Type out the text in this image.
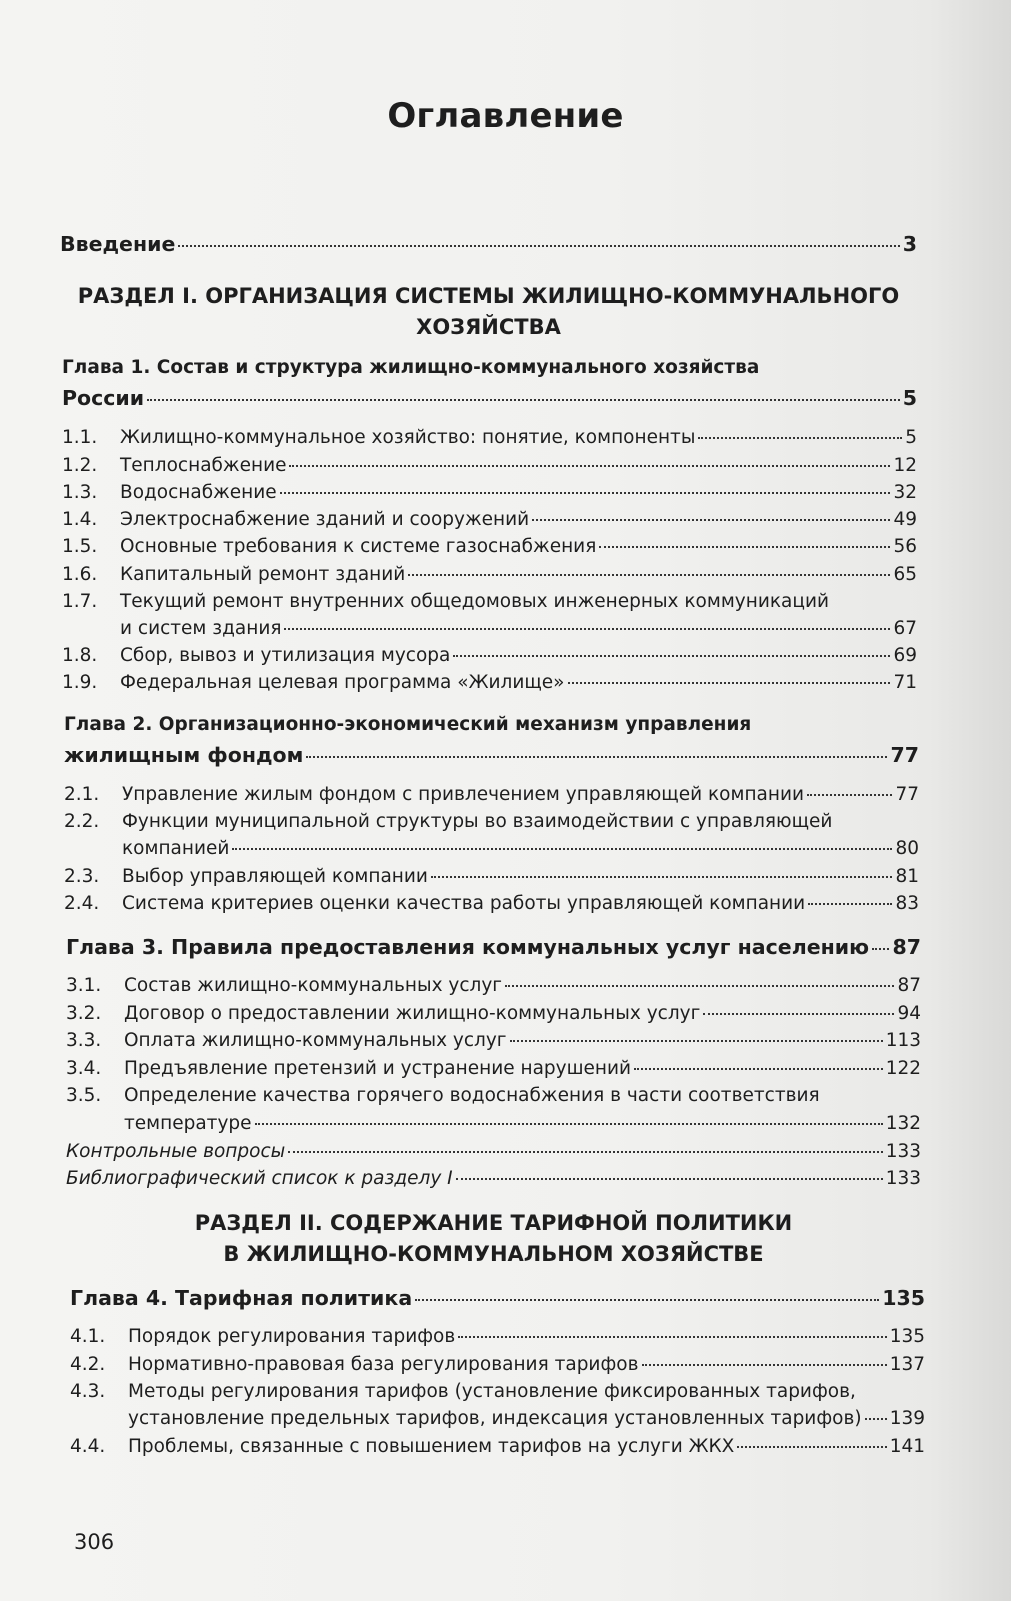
Оглавление
Введение	3
РАЗДЕЛ I. ОРГАНИЗАЦИЯ СИСТЕМЫ ЖИЛИЩНО-КОММУНАЛЬНОГО
ХОЗЯЙСТВА
Глава 1. Состав и структура жилищно-коммунального хозяйства
России	5
1.1.	Жилищно-коммунальное хозяйство: понятие, компоненты	5
1.2.	Теплоснабжение	12
1.3.	Водоснабжение	32
1.4.	Электроснабжение зданий и сооружений	49
1.5.	Основные требования к системе газоснабжения	56
1.6.	Капитальный ремонт зданий	65
1.7. Текущий ремонт внутренних общедомовых инженерных коммуникаций
и систем здания	67
1.8.	Сбор, вывоз и утилизация мусора	69
1.9.	Федеральная целевая программа «Жилище»	71
Глава 2. Организационно-экономический механизм управления
жилищным фондом	77
2.1.	Управление жилым фондом с привлечением управляющей компании	77
2.2. Функции муниципальной структуры во взаимодействии с управляющей
компанией	80
2.3.	Выбор управляющей компании	81
2.4.	Система критериев оценки качества работы управляющей компании	83
Глава 3. Правила предоставления коммунальных услуг населению 87
3.1.	Состав жилищно-коммунальных услуг	87
3.2.	Договор о предоставлении жилищно-коммунальных услуг	94
3.3.	Оплата жилищно-коммунальных услуг	113
3.4.	Предъявление претензий и устранение нарушений	122
3.5. Определение качества горячего водоснабжения в части соответствия
температуре	132
Контрольные вопросы	133
Библиографический список к разделу I	133
РАЗДЕЛ II. СОДЕРЖАНИЕ ТАРИФНОЙ ПОЛИТИКИ
В ЖИЛИЩНО-КОММУНАЛЬНОМ ХОЗЯЙСТВЕ
Глава 4. Тарифная политика	135
4.1.	Порядок регулирования тарифов	135
4.2.	Нормативно-правовая база регулирования тарифов	137
4.3. Методы регулирования тарифов (установление фиксированных тарифов,
установление предельных тарифов, индексация установленных тарифов) 139
4.4.	Проблемы, связанные с повышением тарифов на услуги ЖКХ	141
306
